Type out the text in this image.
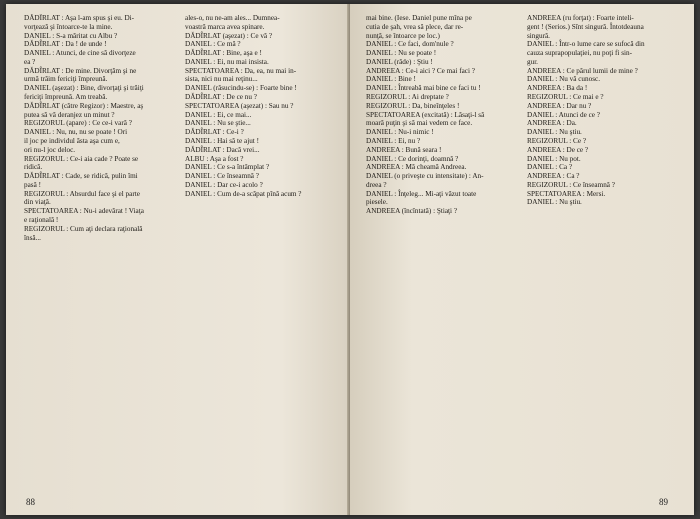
DĂDÎRLAT : Aşa l-am spus şi eu. Di-
vorţează şi întoarce-te la mine.
DANIEL : S-a măritat cu Albu ?
DĂDÎRLAT : Da ! de unde !
DANIEL : Atunci, de cine să divorţeze
ea ?
DĂDÎRLAT : De mine. Divorţăm şi ne
urmă trăim fericiţi împreună.
DANIEL (aşezat) : Bine, divorţaţi şi trăiţi
fericiţi împreună. Am treabă.
DĂDÎRLAT (către Regizor) : Maestre, aş
putea să vă deranjez un minut ?
REGIZORUL (apare) : Ce ce-i vară ?
DANIEL : Nu, nu, nu se poate ! Ori
il joc pe individul ăsta aşa cum e,
ori nu-l joc deloc.
REGIZORUL : Ce-i aia cade ? Poate se
ridică.
DĂDÎRLAT : Cade, se ridică, pulin îmi
pasă !
REGIZORUL : Absurdul face şi el parte
din viaţă.
SPECTATOAREA : Nu-i adevărat ! Viaţa
e raţională !
REGIZORUL : Cum aţi declara raţională
însă...
ales-o, nu ne-am ales... Dumnea-
voastră marca avea spinare.
DĂDÎRLAT (aşezat) : Ce vă ?
DANIEL : Ce mă ?
DĂDÎRLAT : Bine, aşa e !
DANIEL : Ei, nu mai insista.
SPECTATOAREA : Da, ea, nu mai in-
sista, nici nu mai reţinu...
DANIEL (răsucindu-se) : Foarte bine !
DĂDÎRLAT : De ce nu ?
SPECTATOAREA (aşezat) : Sau nu ?
DANIEL : Ei, ce mai...
DANIEL : Nu se ştie...
DĂDÎRLAT : Ce-i ?
DANIEL : Hai să te ajut !
DĂDÎRLAT : Dacă vrei...
ALBU : Aşa a fost ?
DANIEL : Ce s-a întâmplat ?
DANIEL : Ce înseamnă ?
DANIEL : Dar ce-i acolo ?
DANIEL : Cum de-a scăpat pînă acum ?
88
mai bine. (Iese. Daniel pune mîna pe
cutia de şah, vrea să plece, dar re-
nunţă, se întoarce pe loc.)
DANIEL : Ce faci, dom'nule ?
DANIEL : Nu se poate !
DANIEL (râde) : Ştiu !
ANDREEA : Ce-i aici ? Ce mai faci ?
DANIEL : Bine !
DANIEL : Întreabă mai bine ce faci tu !
REGIZORUL : Ai dreptate ?
REGIZORUL : Da, bineînţeles !
SPECTATOAREA (excitată) : Lăsaţi-l să
moară puţin şi să mai vedem ce face.
DANIEL : Nu-i nimic !
DANIEL : Ei, nu ?
ANDREEA : Bună seara !
DANIEL : Ce dorinţi, doamnă ?
ANDREEA : Mă cheamă Andreea.
DANIEL (o priveşte cu intensitate) : An-
dreea ?
DANIEL : Înţeleg... Mi-aţi văzut toate
piesele.
ANDREEA (încîntată) : Ştiaţi ?
ANDREEA (ru forţat) : Foarte inteli-
gent ! (Serios.) Sînt singură. Întotdeauna
singură.
DANIEL : Într-o lume care se sufocă din
cauza suprapopulaţiei, nu poţi fi sin-
gur.
ANDREEA : Ce părul lumii de mine ?
DANIEL : Nu vă cunosc.
ANDREEA : Ba da !
REGIZORUL : Ce mai e ?
ANDREEA : Dar nu ?
DANIEL : Atunci de ce ?
ANDREEA : Da.
DANIEL : Nu ştiu.
REGIZORUL : Ce ?
ANDREEA : De ce ?
DANIEL : Nu pot.
DANIEL : Ca ?
ANDREEA : Ca ?
REGIZORUL : Ce înseamnă ?
SPECTATOAREA : Mersi.
DANIEL : Nu ştiu.
89
